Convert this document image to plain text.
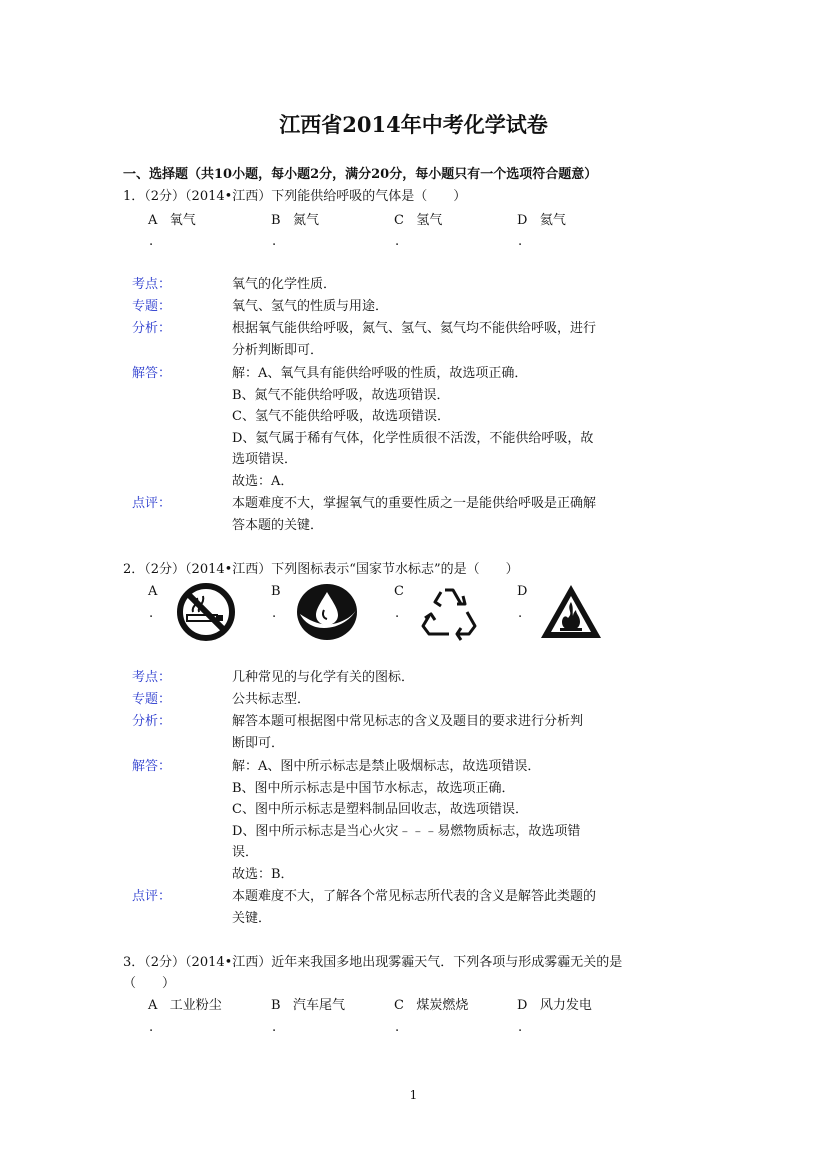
江西省2014年中考化学试卷
一、选择题（共10小题，每小题2分，满分20分，每小题只有一个选项符合题意）
1．（2分）（2014•江西）下列能供给呼吸的气体是（　　）
A 氧气	B 氮气	C 氢气	D 氦气
.	.	.	.
考点：	氧气的化学性质．
专题：	氧气、氢气的性质与用途．
分析：	根据氧气能供给呼吸，氮气、氢气、氦气均不能供给呼吸，进行
分析判断即可．
解答：	解：A、氧气具有能供给呼吸的性质，故选项正确．
B、氮气不能供给呼吸，故选项错误．
C、氢气不能供给呼吸，故选项错误．
D、氦气属于稀有气体，化学性质很不活泼，不能供给呼吸，故
选项错误．
故选：A．
点评：	本题难度不大，掌握氧气的重要性质之一是能供给呼吸是正确解
答本题的关键．
2．（2分）（2014•江西）下列图标表示“国家节水标志”的是（　　）
A	B	C	D
.	.	.	.
考点：	几种常见的与化学有关的图标．
专题：	公共标志型．
分析：	解答本题可根据图中常见标志的含义及题目的要求进行分析判
断即可．
解答：	解：A、图中所示标志是禁止吸烟标志，故选项错误．
B、图中所示标志是中国节水标志，故选项正确．
C、图中所示标志是塑料制品回收志，故选项错误．
D、图中所示标志是当心火灾﹣﹣﹣易燃物质标志，故选项错
误．
故选：B．
点评：	本题难度不大，了解各个常见标志所代表的含义是解答此类题的
关键．
3．（2分）（2014•江西）近年来我国多地出现雾霾天气．下列各项与形成雾霾无关的是
（　　）
A 工业粉尘	B 汽车尾气	C 煤炭燃烧	D 风力发电
.	.	.	.
1
